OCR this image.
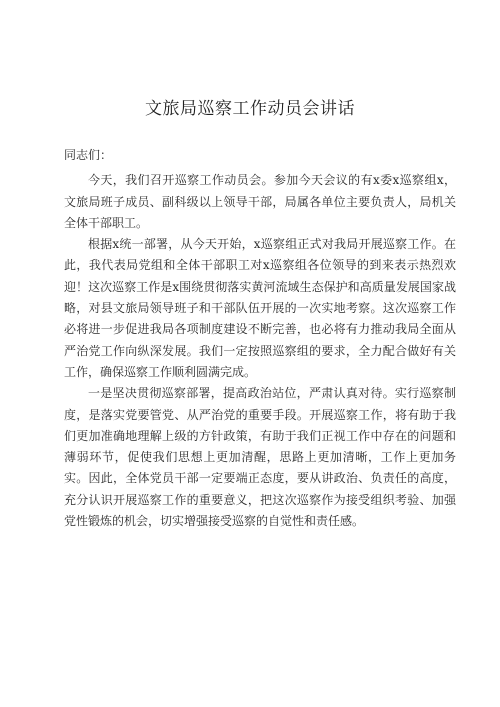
文旅局巡察工作动员会讲话

同志们：

今天，我们召开巡察工作动员会。参加今天会议的有x委x巡察组x，文旅局班子成员、副科级以上领导干部，局属各单位主要负责人，局机关全体干部职工。

根据x统一部署，从今天开始，x巡察组正式对我局开展巡察工作。在此，我代表局党组和全体干部职工对x巡察组各位领导的到来表示热烈欢迎！这次巡察工作是x围绕贯彻落实黄河流域生态保护和高质量发展国家战略，对县文旅局领导班子和干部队伍开展的一次实地考察。这次巡察工作必将进一步促进我局各项制度建设不断完善，也必将有力推动我局全面从严治党工作向纵深发展。我们一定按照巡察组的要求，全力配合做好有关工作，确保巡察工作顺利圆满完成。

一是坚决贯彻巡察部署，提高政治站位，严肃认真对待。实行巡察制度，是落实党要管党、从严治党的重要手段。开展巡察工作，将有助于我们更加准确地理解上级的方针政策，有助于我们正视工作中存在的问题和薄弱环节，促使我们思想上更加清醒，思路上更加清晰，工作上更加务实。因此，全体党员干部一定要端正态度，要从讲政治、负责任的高度，充分认识开展巡察工作的重要意义，把这次巡察作为接受组织考验、加强党性锻炼的机会，切实增强接受巡察的自觉性和责任感。
